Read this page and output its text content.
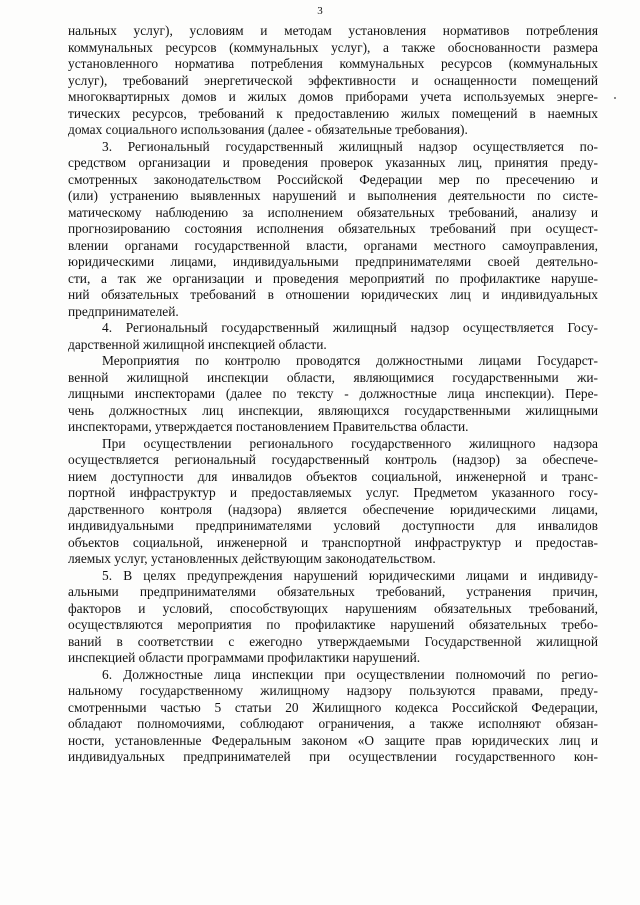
3
нальных услуг), условиям и методам установления нормативов потребления
коммунальных ресурсов (коммунальных услуг), а также обоснованности размера
установленного норматива потребления коммунальных ресурсов (коммунальных
услуг), требований энергетической эффективности и оснащенности помещений
многоквартирных домов и жилых домов приборами учета используемых энерге-
тических ресурсов, требований к предоставлению жилых помещений в наемных
домах социального использования (далее - обязательные требования).
3. Региональный государственный жилищный надзор осуществляется по-
средством организации и проведения проверок указанных лиц, принятия преду-
смотренных законодательством Российской Федерации мер по пресечению и
(или) устранению выявленных нарушений и выполнения деятельности по систе-
матическому наблюдению за исполнением обязательных требований, анализу и
прогнозированию состояния исполнения обязательных требований при осущест-
влении органами государственной власти, органами местного самоуправления,
юридическими лицами, индивидуальными предпринимателями своей деятельно-
сти, а так же организации и проведения мероприятий по профилактике наруше-
ний обязательных требований в отношении юридических лиц и индивидуальных
предпринимателей.
4. Региональный государственный жилищный надзор осуществляется Госу-
дарственной жилищной инспекцией области.
Мероприятия по контролю проводятся должностными лицами Государст-
венной жилищной инспекции области, являющимися государственными жи-
лищными инспекторами (далее по тексту - должностные лица инспекции). Пере-
чень должностных лиц инспекции, являющихся государственными жилищными
инспекторами, утверждается постановлением Правительства области.
При осуществлении регионального государственного жилищного надзора
осуществляется региональный государственный контроль (надзор) за обеспече-
нием доступности для инвалидов объектов социальной, инженерной и транс-
портной инфраструктур и предоставляемых услуг. Предметом указанного госу-
дарственного контроля (надзора) является обеспечение юридическими лицами,
индивидуальными предпринимателями условий доступности для инвалидов
объектов социальной, инженерной и транспортной инфраструктур и предостав-
ляемых услуг, установленных действующим законодательством.
5. В целях предупреждения нарушений юридическими лицами и индивиду-
альными предпринимателями обязательных требований, устранения причин,
факторов и условий, способствующих нарушениям обязательных требований,
осуществляются мероприятия по профилактике нарушений обязательных требо-
ваний в соответствии с ежегодно утверждаемыми Государственной жилищной
инспекцией области программами профилактики нарушений.
6. Должностные лица инспекции при осуществлении полномочий по регио-
нальному государственному жилищному надзору пользуются правами, преду-
смотренными частью 5 статьи 20 Жилищного кодекса Российской Федерации,
обладают полномочиями, соблюдают ограничения, а также исполняют обязан-
ности, установленные Федеральным законом «О защите прав юридических лиц и
индивидуальных предпринимателей при осуществлении государственного кон-
